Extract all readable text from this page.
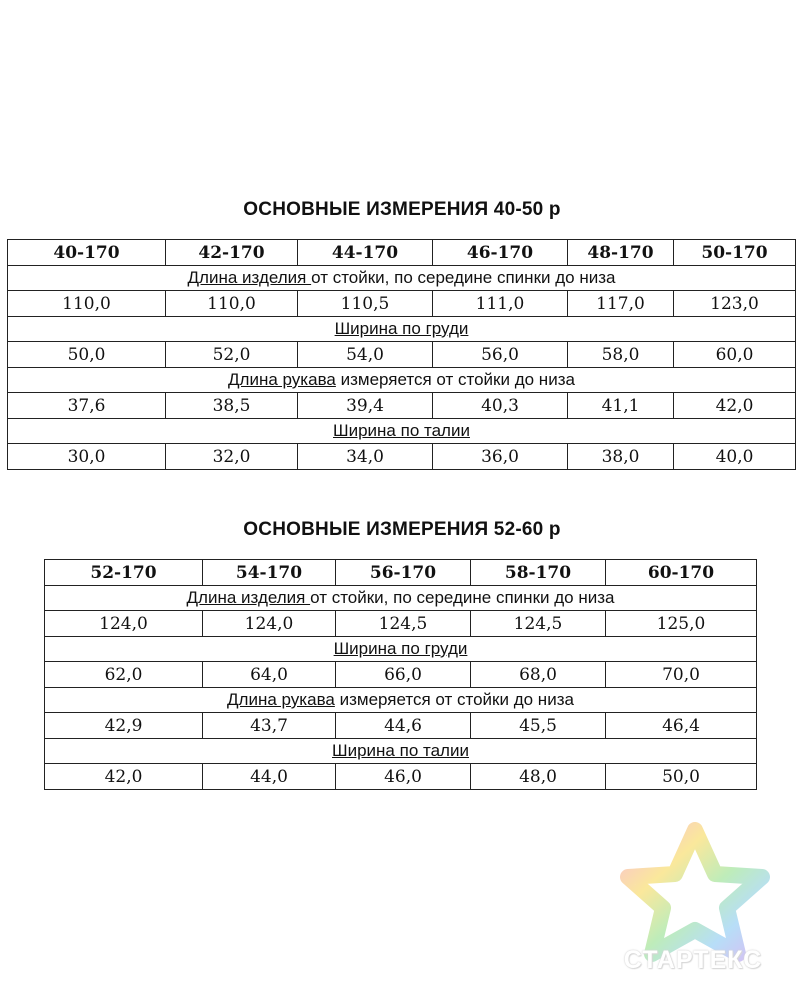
ОСНОВНЫЕ ИЗМЕРЕНИЯ 40-50 р
40-170	42-170	44-170	46-170	48-170	50-170
Длина изделия от стойки, по середине спинки до низа					
110,0	110,0	110,5	111,0	117,0	123,0
Ширина по груди					
50,0	52,0	54,0	56,0	58,0	60,0
Длина рукава измеряется от стойки до низа					
37,6	38,5	39,4	40,3	41,1	42,0
Ширина по талии					
30,0	32,0	34,0	36,0	38,0	40,0
ОСНОВНЫЕ ИЗМЕРЕНИЯ 52-60 р
52-170	54-170	56-170	58-170	60-170
Длина изделия от стойки, по середине спинки до низа				
124,0	124,0	124,5	124,5	125,0
Ширина по груди				
62,0	64,0	66,0	68,0	70,0
Длина рукава измеряется от стойки до низа				
42,9	43,7	44,6	45,5	46,4
Ширина по талии				
42,0	44,0	46,0	48,0	50,0
СТАРТЕКС
